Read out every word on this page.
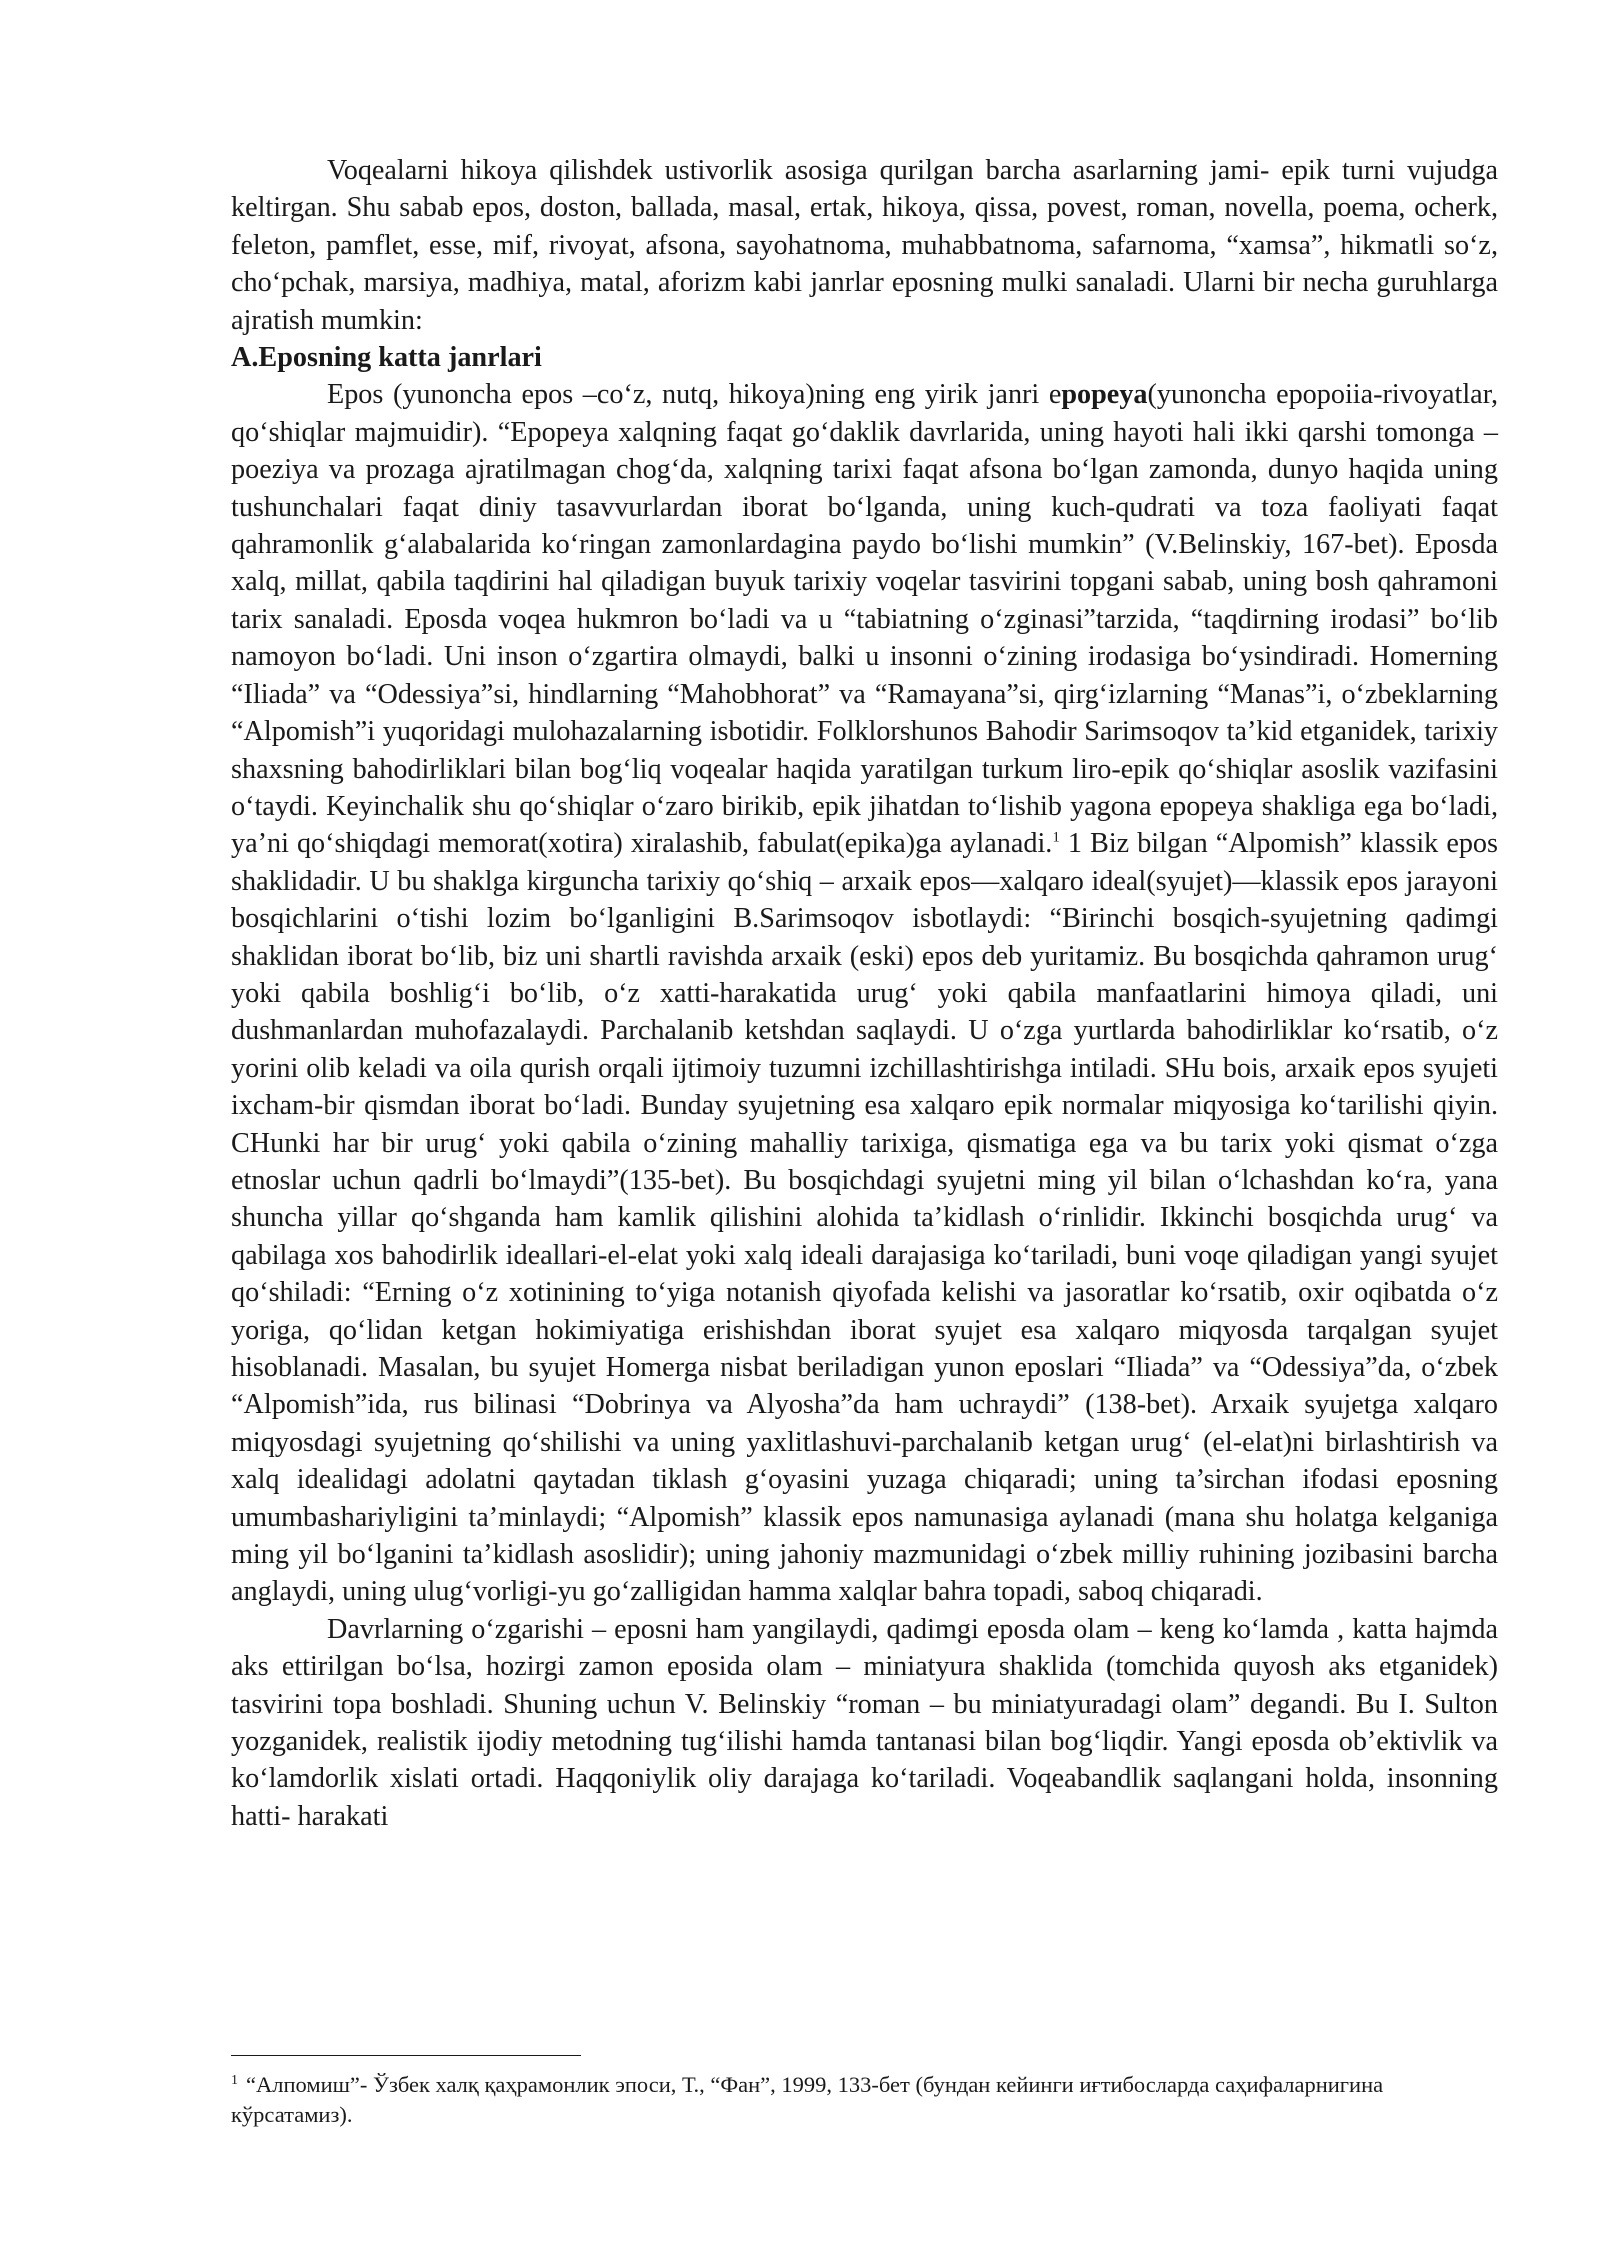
Voqealarni hikoya qilishdek ustivorlik asosiga qurilgan barcha asarlarning jami- epik turni vujudga keltirgan. Shu sabab epos, doston, ballada, masal, ertak, hikoya, qissa, povest, roman, novella, poema, ocherk, feleton, pamflet, esse, mif, rivoyat, afsona, sayohatnoma, muhabbatnoma, safarnoma, “xamsa”, hikmatli so‘z, cho‘pchak, marsiya, madhiya, matal, aforizm kabi janrlar eposning mulki sanaladi. Ularni bir necha guruhlarga ajratish mumkin:

A.Eposning katta janrlari

Epos (yunoncha epos –co‘z, nutq, hikoya)ning eng yirik janri epopeya(yunoncha epopoiia-rivoyatlar, qo‘shiqlar majmuidir). “Epopeya xalqning faqat go‘daklik davrlarida, uning hayoti hali ikki qarshi tomonga – poeziya va prozaga ajratilmagan chog‘da, xalqning tarixi faqat afsona bo‘lgan zamonda, dunyo haqida uning tushunchalari faqat diniy tasavvurlardan iborat bo‘lganda, uning kuch-qudrati va toza faoliyati faqat qahramonlik g‘alabalarida ko‘ringan zamonlardagina paydo bo‘lishi mumkin” (V.Belinskiy, 167-bet). Eposda xalq, millat, qabila taqdirini hal qiladigan buyuk tarixiy voqelar tasvirini topgani sabab, uning bosh qahramoni tarix sanaladi. Eposda voqea hukmron bo‘ladi va u “tabiatning o‘zginasi”tarzida, “taqdirning irodasi” bo‘lib namoyon bo‘ladi. Uni inson o‘zgartira olmaydi, balki u insonni o‘zining irodasiga bo‘ysindiradi. Homerning “Iliada” va “Odessiya”si, hindlarning “Mahobhorat” va “Ramayana”si, qirg‘izlarning “Manas”i, o‘zbeklarning “Alpomish”i yuqoridagi mulohazalarning isbotidir. Folklorshunos Bahodir Sarimsoqov ta’kid etganidek, tarixiy shaxsning bahodirliklari bilan bog‘liq voqealar haqida yaratilgan turkum liro-epik qo‘shiqlar asoslik vazifasini o‘taydi. Keyinchalik shu qo‘shiqlar o‘zaro birikib, epik jihatdan to‘lishib yagona epopeya shakliga ega bo‘ladi, ya’ni qo‘shiqdagi memorat(xotira) xiralashib, fabulat(epika)ga aylanadi.$^1$ 1 Biz bilgan “Alpomish” klassik epos shaklidadir. U bu shaklga kirguncha tarixiy qo‘shiq – arxaik epos—xalqaro ideal(syujet)—klassik epos jarayoni bosqichlarini o‘tishi lozim bo‘lganligini B.Sarimsoqov isbotlaydi: “Birinchi bosqich-syujetning qadimgi shaklidan iborat bo‘lib, biz uni shartli ravishda arxaik (eski) epos deb yuritamiz. Bu bosqichda qahramon urug‘ yoki qabila boshlig‘i bo‘lib, o‘z xatti-harakatida urug‘ yoki qabila manfaatlarini himoya qiladi, uni dushmanlardan muhofazalaydi. Parchalanib ketshdan saqlaydi. U o‘zga yurtlarda bahodirliklar ko‘rsatib, o‘z yorini olib keladi va oila qurish orqali ijtimoiy tuzumni izchillashtirishga intiladi. SHu bois, arxaik epos syujeti ixcham-bir qismdan iborat bo‘ladi. Bunday syujetning esa xalqaro epik normalar miqyosiga ko‘tarilishi qiyin. CHunki har bir urug‘ yoki qabila o‘zining mahalliy tarixiga, qismatiga ega va bu tarix yoki qismat o‘zga etnoslar uchun qadrli bo‘lmaydi”(135-bet). Bu bosqichdagi syujetni ming yil bilan o‘lchashdan ko‘ra, yana shuncha yillar qo‘shganda ham kamlik qilishini alohida ta’kidlash o‘rinlidir. Ikkinchi bosqichda urug‘ va qabilaga xos bahodirlik ideallari-el-elat yoki xalq ideali darajasiga ko‘tariladi, buni voqe qiladigan yangi syujet qo‘shiladi: “Erning o‘z xotinining to‘yiga notanish qiyofada kelishi va jasoratlar ko‘rsatib, oxir oqibatda o‘z yoriga, qo‘lidan ketgan hokimiyatiga erishishdan iborat syujet esa xalqaro miqyosda tarqalgan syujet hisoblanadi. Masalan, bu syujet Homerga nisbat beriladigan yunon eposlari “Iliada” va “Odessiya”da, o‘zbek “Alpomish”ida, rus bilinasi “Dobrinya va Alyosha”da ham uchraydi” (138-bet). Arxaik syujetga xalqaro miqyosdagi syujetning qo‘shilishi va uning yaxlitlashuvi-parchalanib ketgan urug‘ (el-elat)ni birlashtirish va xalq idealidagi adolatni qaytadan tiklash g‘oyasini yuzaga chiqaradi; uning ta’sirchan ifodasi eposning umumbashariyligini ta’minlaydi; “Alpomish” klassik epos namunasiga aylanadi (mana shu holatga kelganiga ming yil bo‘lganini ta’kidlash asoslidir); uning jahoniy mazmunidagi o‘zbek milliy ruhining jozibasini barcha anglaydi, uning ulug‘vorligi-yu go‘zalligidan hamma xalqlar bahra topadi, saboq chiqaradi.

Davrlarning o‘zgarishi – eposni ham yangilaydi, qadimgi eposda olam – keng ko‘lamda , katta hajmda aks ettirilgan bo‘lsa, hozirgi zamon eposida olam – miniatyura shaklida (tomchida quyosh aks etganidek) tasvirini topa boshladi. Shuning uchun V. Belinskiy “roman – bu miniatyuradagi olam” degandi. Bu I. Sulton yozganidek, realistik ijodiy metodning tug‘ilishi hamda tantanasi bilan bog‘liqdir. Yangi eposda ob’ektivlik va ko‘lamdorlik xislati ortadi. Haqqoniylik oliy darajaga ko‘tariladi. Voqeabandlik saqlangani holda, insonning hatti- harakati

$^1$ “Алпомиш”- Ўзбек халқ қаҳрамонлик эпоси, Т., “Фан”, 1999, 133-бет (бундан кейинги иғтибосларда саҳифаларнигина кўрсатамиз).
